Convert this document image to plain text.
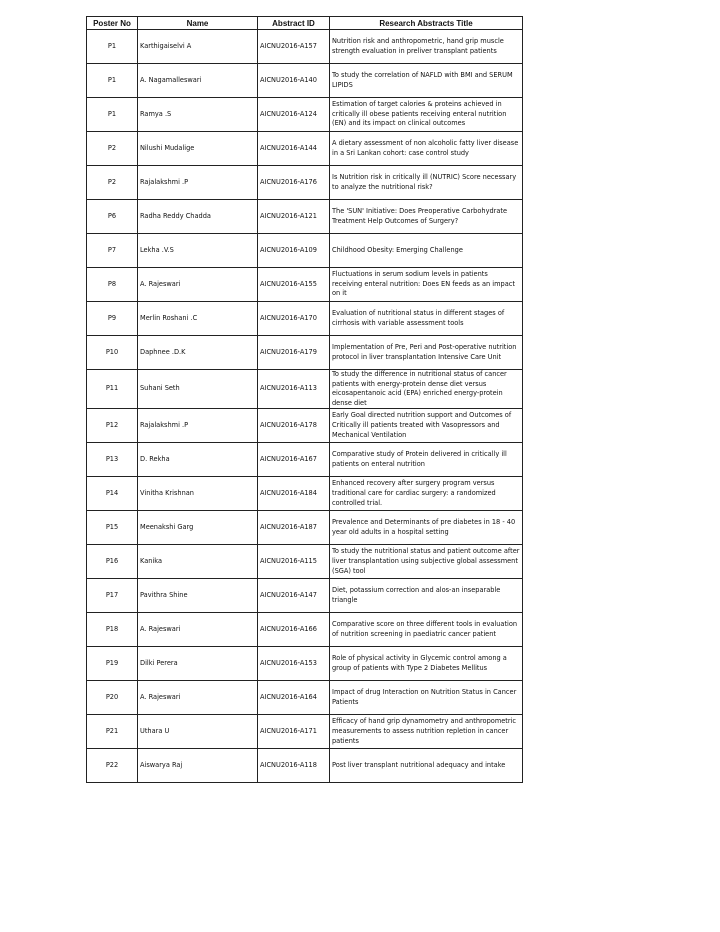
Poster No	Name	Abstract ID	Research Abstracts Title
P1	Karthigaiselvi A	AICNU2016-A157	Nutrition risk and anthropometric, hand grip muscle strength evaluation in preliver transplant patients
P1	A. Nagamalleswari	AICNU2016-A140	To study the correlation of NAFLD with BMI and SERUM LIPIDS
P1	Ramya .S	AICNU2016-A124	Estimation of target calories & proteins achieved in critically ill obese patients receiving enteral nutrition (EN) and its impact on clinical outcomes
P2	Nilushi Mudalige	AICNU2016-A144	A dietary assessment of non alcoholic fatty liver disease in a Sri Lankan cohort: case control study
P2	Rajalakshmi .P	AICNU2016-A176	Is Nutrition risk in critically ill (NUTRIC) Score necessary to analyze the nutritional risk?
P6	Radha Reddy Chadda	AICNU2016-A121	The 'SUN' Initiative: Does Preoperative Carbohydrate Treatment Help Outcomes of Surgery?
P7	Lekha .V.S	AICNU2016-A109	Childhood Obesity: Emerging Challenge
P8	A. Rajeswari	AICNU2016-A155	Fluctuations in serum sodium levels in patients receiving enteral nutrition: Does EN feeds as an impact on it
P9	Merlin Roshani .C	AICNU2016-A170	Evaluation of nutritional status in different stages of cirrhosis with variable assessment tools
P10	Daphnee .D.K	AICNU2016-A179	Implementation of Pre, Peri and Post-operative nutrition protocol in liver transplantation Intensive Care Unit
P11	Suhani Seth	AICNU2016-A113	To study the difference in nutritional status of cancer patients with energy-protein dense diet versus eicosapentanoic acid (EPA) enriched energy-protein dense diet
P12	Rajalakshmi .P	AICNU2016-A178	Early Goal directed nutrition support and Outcomes of Critically ill patients treated with Vasopressors and Mechanical Ventilation
P13	D. Rekha	AICNU2016-A167	Comparative study of Protein delivered in critically ill patients on enteral nutrition
P14	Vinitha Krishnan	AICNU2016-A184	Enhanced recovery after surgery program versus traditional care for cardiac surgery: a randomized controlled trial.
P15	Meenakshi Garg	AICNU2016-A187	Prevalence and Determinants of pre diabetes in 18 - 40 year old adults in a hospital setting
P16	Kanika	AICNU2016-A115	To study the nutritional status and patient outcome after liver transplantation using subjective global assessment (SGA) tool
P17	Pavithra Shine	AICNU2016-A147	Diet, potassium correction and alos-an inseparable triangle
P18	A. Rajeswari	AICNU2016-A166	Comparative score on three different tools in evaluation of nutrition screening in paediatric cancer patient
P19	Dilki Perera	AICNU2016-A153	Role of physical activity in Glycemic control among a group of patients with Type 2 Diabetes Mellitus
P20	A. Rajeswari	AICNU2016-A164	Impact of drug Interaction on Nutrition Status in Cancer Patients
P21	Uthara U	AICNU2016-A171	Efficacy of hand grip dynamometry and anthropometric measurements to assess nutrition repletion in cancer patients
P22	Aiswarya Raj	AICNU2016-A118	Post liver transplant nutritional adequacy and intake
